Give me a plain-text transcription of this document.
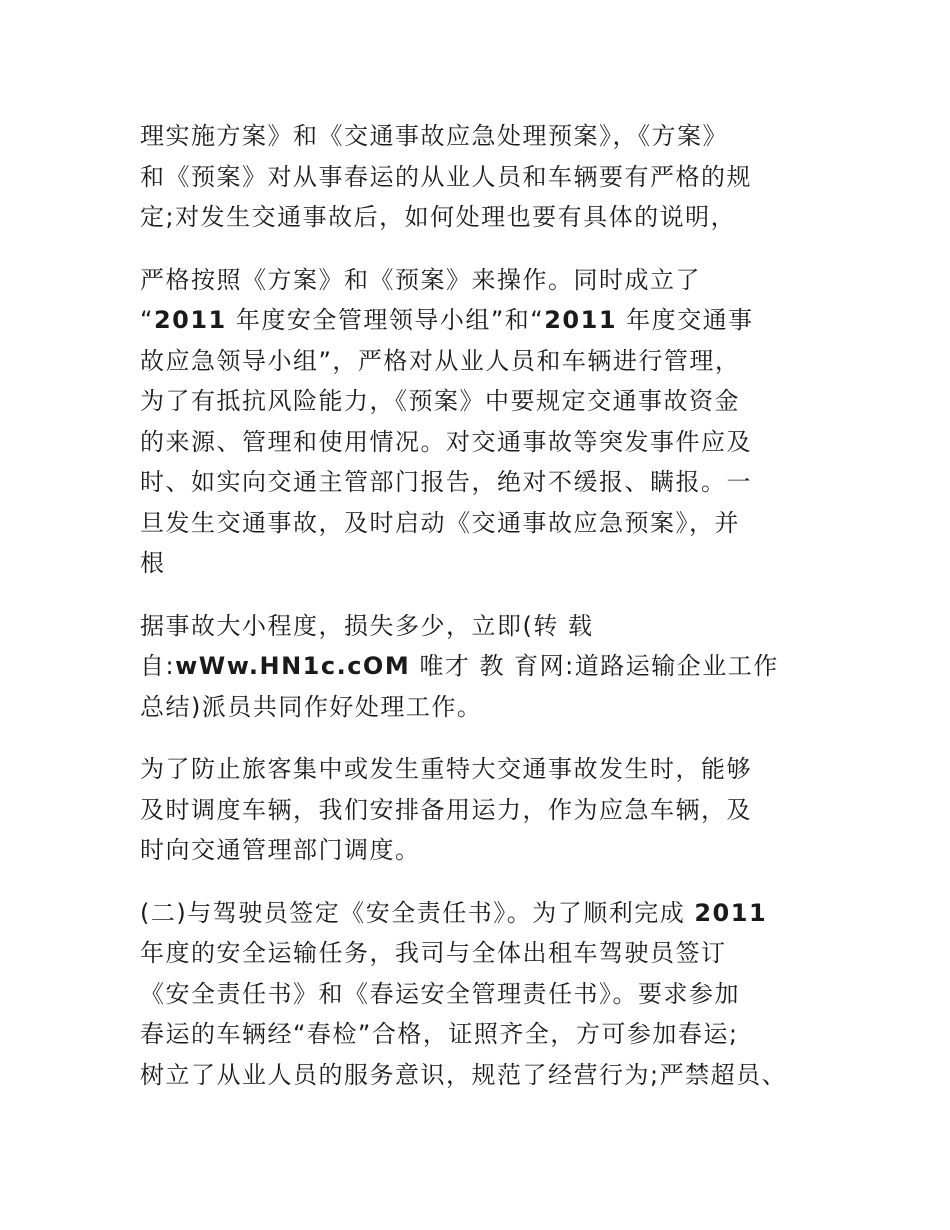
理实施方案》和《交通事故应急处理预案》，《方案》
和《预案》对从事春运的从业人员和车辆要有严格的规
定;对发生交通事故后，如何处理也要有具体的说明，
严格按照《方案》和《预案》来操作。同时成立了
“2011 年度安全管理领导小组”和“2011 年度交通事
故应急领导小组”，严格对从业人员和车辆进行管理，
为了有抵抗风险能力，《预案》中要规定交通事故资金
的来源、管理和使用情况。对交通事故等突发事件应及
时、如实向交通主管部门报告，绝对不缓报、瞒报。一
旦发生交通事故，及时启动《交通事故应急预案》，并
根
据事故大小程度，损失多少，立即(转 载
自:wWw.HN1c.cOM 唯才 教 育网:道路运输企业工作
总结)派员共同作好处理工作。
为了防止旅客集中或发生重特大交通事故发生时，能够
及时调度车辆，我们安排备用运力，作为应急车辆，及
时向交通管理部门调度。
(二)与驾驶员签定《安全责任书》。为了顺利完成 2011
年度的安全运输任务，我司与全体出租车驾驶员签订
《安全责任书》和《春运安全管理责任书》。要求参加
春运的车辆经“春检”合格，证照齐全，方可参加春运;
树立了从业人员的服务意识，规范了经营行为;严禁超员、
